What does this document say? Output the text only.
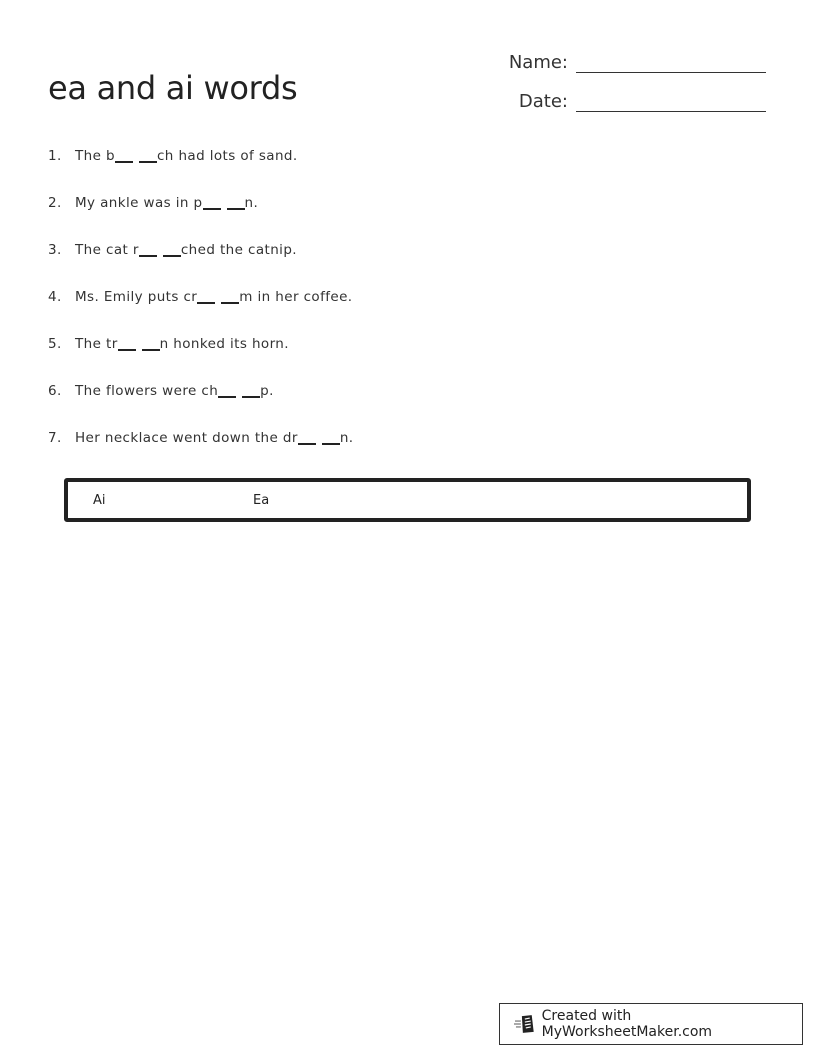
ea and ai words
Name:
Date:
1. The b	ch had lots of sand.
2. My ankle was in p	n.
3. The cat r	ched the catnip.
4. Ms. Emily puts cr	m in her coffee.
5. The tr	n honked its horn.
6. The flowers were ch	p.
7. Her necklace went down the dr	n.
Ai	Ea
Created with MyWorksheetMaker.com
